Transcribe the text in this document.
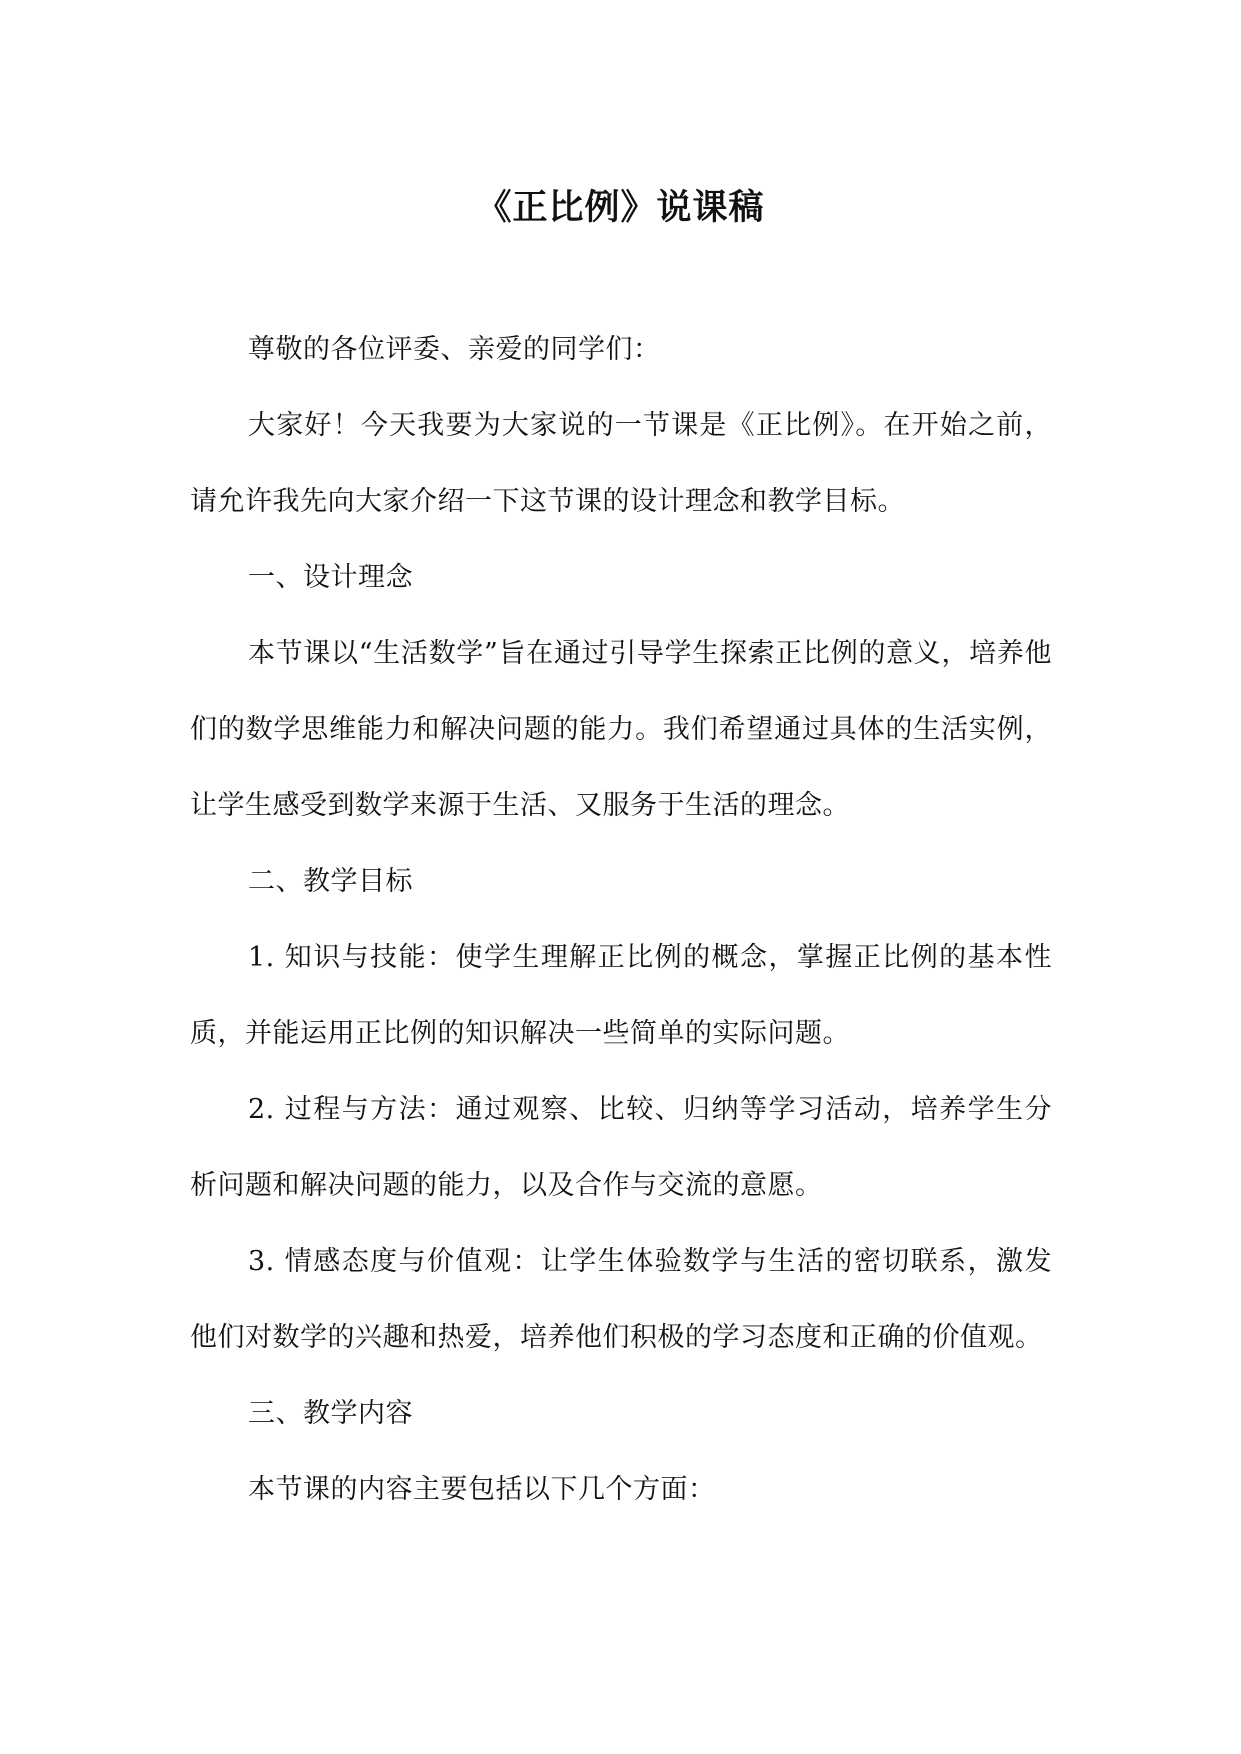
《正比例》说课稿

尊敬的各位评委、亲爱的同学们：

大家好！今天我要为大家说的一节课是《正比例》。在开始之前，请允许我先向大家介绍一下这节课的设计理念和教学目标。

一、设计理念

本节课以“生活数学”旨在通过引导学生探索正比例的意义，培养他们的数学思维能力和解决问题的能力。我们希望通过具体的生活实例，让学生感受到数学来源于生活、又服务于生活的理念。

二、教学目标

1. 知识与技能：使学生理解正比例的概念，掌握正比例的基本性质，并能运用正比例的知识解决一些简单的实际问题。

2. 过程与方法：通过观察、比较、归纳等学习活动，培养学生分析问题和解决问题的能力，以及合作与交流的意愿。

3. 情感态度与价值观：让学生体验数学与生活的密切联系，激发他们对数学的兴趣和热爱，培养他们积极的学习态度和正确的价值观。

三、教学内容

本节课的内容主要包括以下几个方面：
